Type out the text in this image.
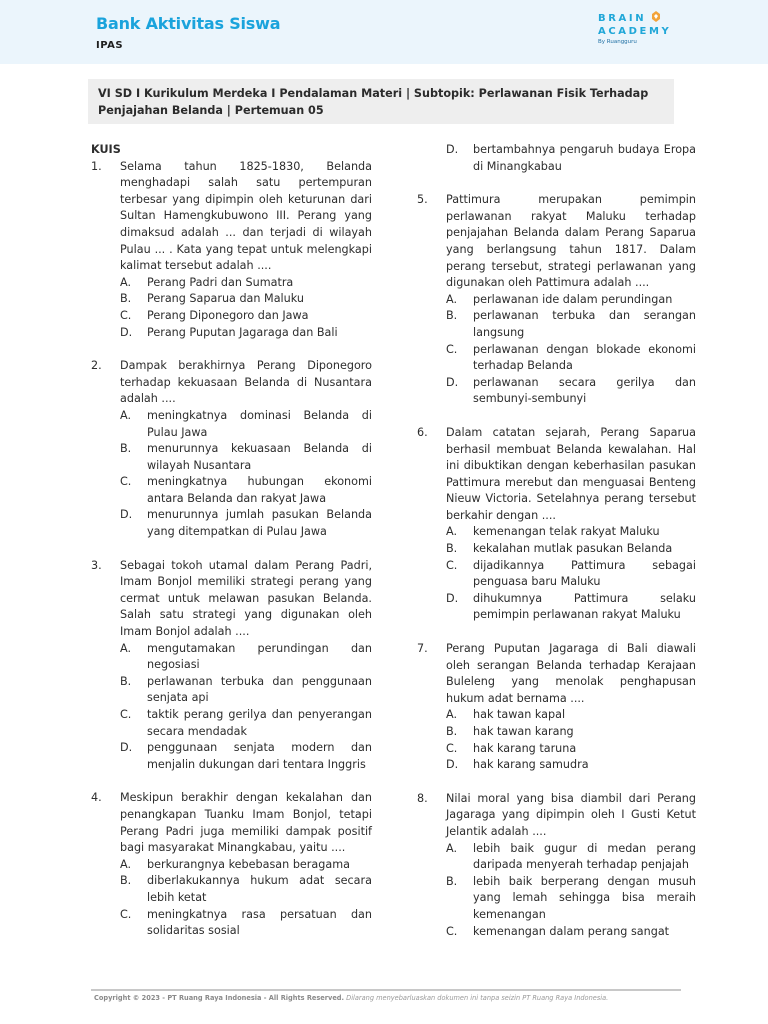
Bank Aktivitas Siswa
IPAS
BRAIN
ACADEMY
By Ruangguru

VI SD I Kurikulum Merdeka I Pendalaman Materi | Subtopik: Perlawanan Fisik Terhadap Penjajahan Belanda | Pertemuan 05

KUIS
1.	Selama tahun 1825-1830, Belanda menghadapi salah satu pertempuran terbesar yang dipimpin oleh keturunan dari Sultan Hamengkubuwono III. Perang yang dimaksud adalah ... dan terjadi di wilayah Pulau ... . Kata yang tepat untuk melengkapi kalimat tersebut adalah ....
A.	Perang Padri dan Sumatra
B.	Perang Saparua dan Maluku
C.	Perang Diponegoro dan Jawa
D.	Perang Puputan Jagaraga dan Bali
2.	Dampak berakhirnya Perang Diponegoro terhadap kekuasaan Belanda di Nusantara adalah ....
A.	meningkatnya dominasi Belanda di Pulau Jawa
B.	menurunnya kekuasaan Belanda di wilayah Nusantara
C.	meningkatnya hubungan ekonomi antara Belanda dan rakyat Jawa
D.	menurunnya jumlah pasukan Belanda yang ditempatkan di Pulau Jawa
3.	Sebagai tokoh utamal dalam Perang Padri, Imam Bonjol memiliki strategi perang yang cermat untuk melawan pasukan Belanda. Salah satu strategi yang digunakan oleh Imam Bonjol adalah ....
A.	mengutamakan perundingan dan negosiasi
B.	perlawanan terbuka dan penggunaan senjata api
C.	taktik perang gerilya dan penyerangan secara mendadak
D.	penggunaan senjata modern dan menjalin dukungan dari tentara Inggris
4.	Meskipun berakhir dengan kekalahan dan penangkapan Tuanku Imam Bonjol, tetapi Perang Padri juga memiliki dampak positif bagi masyarakat Minangkabau, yaitu ....
A.	berkurangnya kebebasan beragama
B.	diberlakukannya hukum adat secara lebih ketat
C.	meningkatnya rasa persatuan dan solidaritas sosial
D.	bertambahnya pengaruh budaya Eropa di Minangkabau
5.	Pattimura merupakan pemimpin perlawanan rakyat Maluku terhadap penjajahan Belanda dalam Perang Saparua yang berlangsung tahun 1817. Dalam perang tersebut, strategi perlawanan yang digunakan oleh Pattimura adalah ....
A.	perlawanan ide dalam perundingan
B.	perlawanan terbuka dan serangan langsung
C.	perlawanan dengan blokade ekonomi terhadap Belanda
D.	perlawanan secara gerilya dan sembunyi-sembunyi
6.	Dalam catatan sejarah, Perang Saparua berhasil membuat Belanda kewalahan. Hal ini dibuktikan dengan keberhasilan pasukan Pattimura merebut dan menguasai Benteng Nieuw Victoria. Setelahnya perang tersebut berkahir dengan ....
A.	kemenangan telak rakyat Maluku
B.	kekalahan mutlak pasukan Belanda
C.	dijadikannya Pattimura sebagai penguasa baru Maluku
D.	dihukumnya Pattimura selaku pemimpin perlawanan rakyat Maluku
7.	Perang Puputan Jagaraga di Bali diawali oleh serangan Belanda terhadap Kerajaan Buleleng yang menolak penghapusan hukum adat bernama ....
A.	hak tawan kapal
B.	hak tawan karang
C.	hak karang taruna
D.	hak karang samudra
8.	Nilai moral yang bisa diambil dari Perang Jagaraga yang dipimpin oleh I Gusti Ketut Jelantik adalah ....
A.	lebih baik gugur di medan perang daripada menyerah terhadap penjajah
B.	lebih baik berperang dengan musuh yang lemah sehingga bisa meraih kemenangan
C.	kemenangan dalam perang sangat
Copyright © 2023 - PT Ruang Raya Indonesia - All Rights Reserved. Dilarang menyebarluaskan dokumen ini tanpa seizin PT Ruang Raya Indonesia.
